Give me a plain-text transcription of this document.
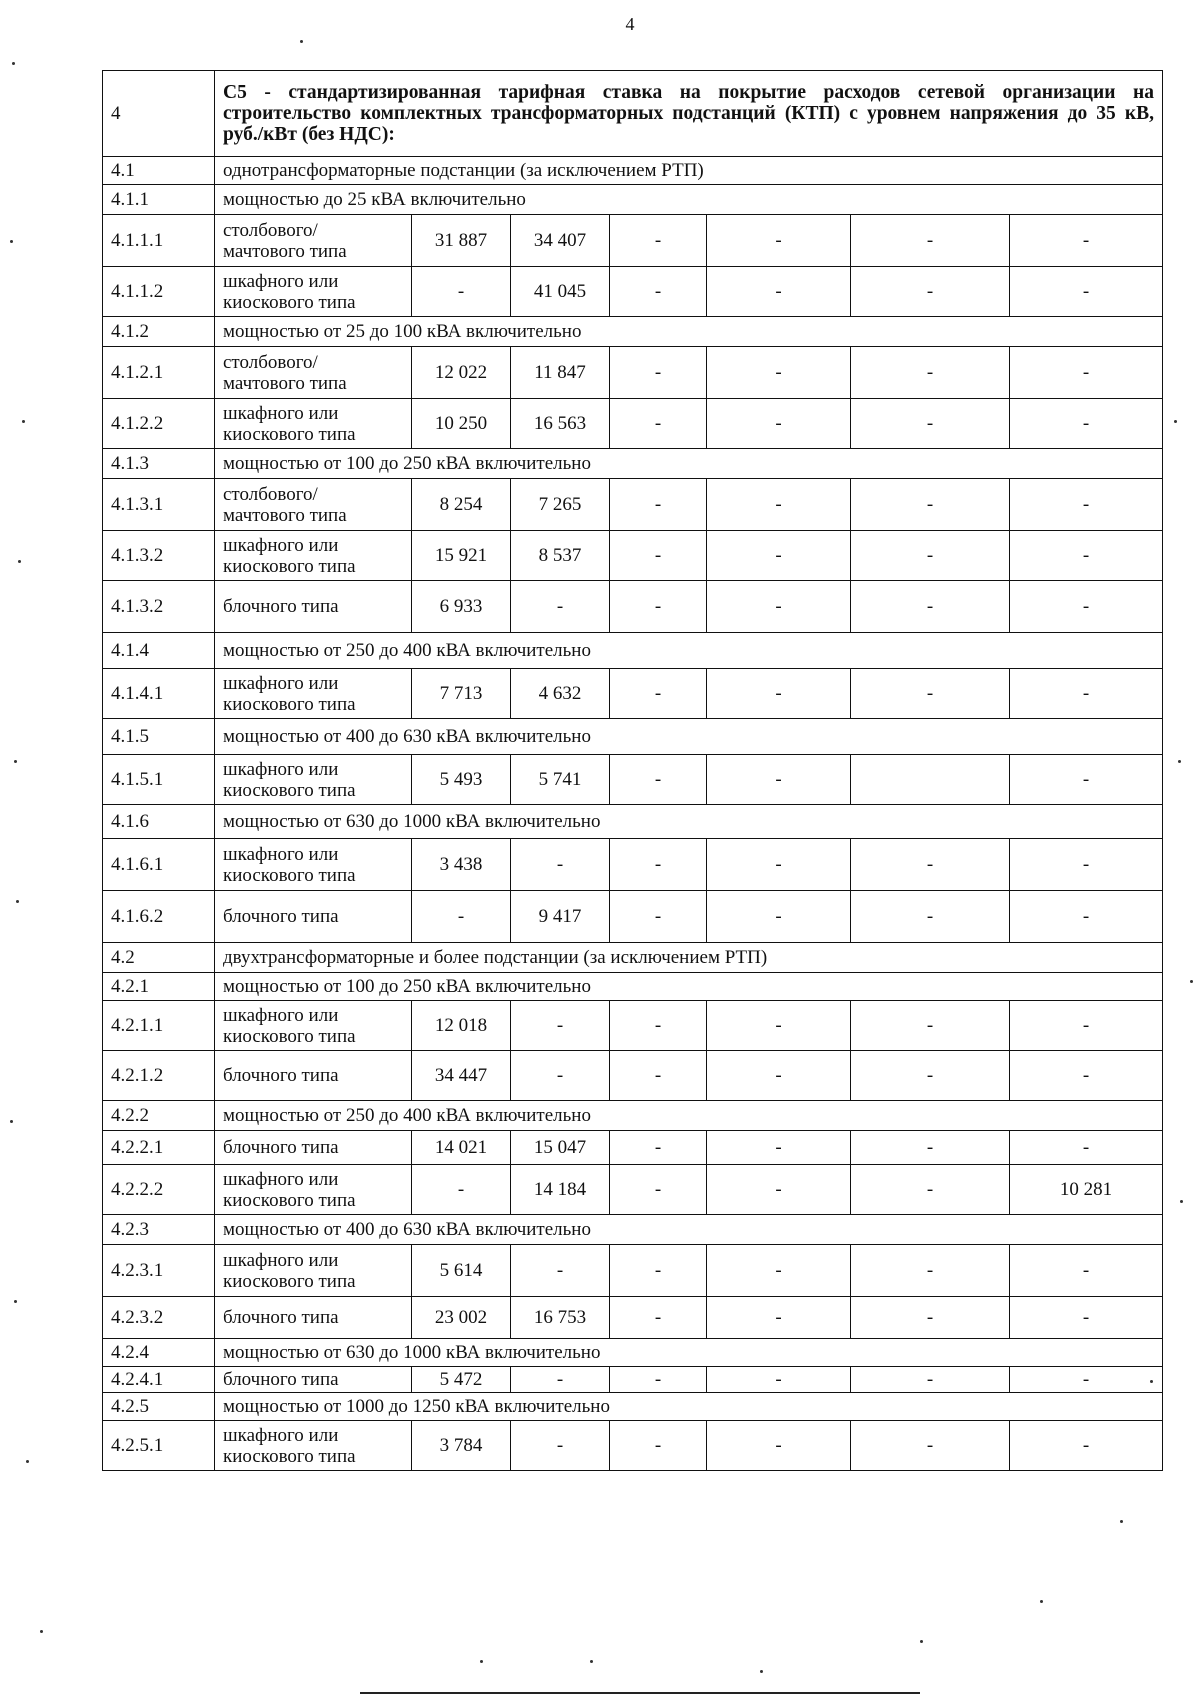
4
4	С5 - стандартизированная тарифная ставка на покрытие расходов сетевой организации на строительство комплектных трансформаторных подстанций (КТП) с уровнем напряжения до 35 кВ, руб./кВт (без НДС):						
4.1	однотрансформаторные подстанции (за исключением РТП)						
4.1.1	мощностью до 25 кВА включительно						
4.1.1.1	столбового/ мачтового типа	31 887	34 407	-	-	-	-
4.1.1.2	шкафного или киоскового типа	-	41 045	-	-	-	-
4.1.2	мощностью от 25 до 100 кВА включительно						
4.1.2.1	столбового/ мачтового типа	12 022	11 847	-	-	-	-
4.1.2.2	шкафного или киоскового типа	10 250	16 563	-	-	-	-
4.1.3	мощностью от 100 до 250 кВА включительно						
4.1.3.1	столбового/ мачтового типа	8 254	7 265	-	-	-	-
4.1.3.2	шкафного или киоскового типа	15 921	8 537	-	-	-	-
4.1.3.2	блочного типа	6 933	-	-	-	-	-
4.1.4	мощностью от 250 до 400 кВА включительно						
4.1.4.1	шкафного или киоскового типа	7 713	4 632	-	-	-	-
4.1.5	мощностью от 400 до 630 кВА включительно						
4.1.5.1	шкафного или киоскового типа	5 493	5 741	-	-		-
4.1.6	мощностью от 630 до 1000 кВА включительно						
4.1.6.1	шкафного или киоскового типа	3 438	-	-	-	-	-
4.1.6.2	блочного типа	-	9 417	-	-	-	-
4.2	двухтрансформаторные и более подстанции (за исключением РТП)						
4.2.1	мощностью от 100 до 250 кВА включительно						
4.2.1.1	шкафного или киоскового типа	12 018	-	-	-	-	-
4.2.1.2	блочного типа	34 447	-	-	-	-	-
4.2.2	мощностью от 250 до 400 кВА включительно						
4.2.2.1	блочного типа	14 021	15 047	-	-	-	-
4.2.2.2	шкафного или киоскового типа	-	14 184	-	-	-	10 281
4.2.3	мощностью от 400 до 630 кВА включительно						
4.2.3.1	шкафного или киоскового типа	5 614	-	-	-	-	-
4.2.3.2	блочного типа	23 002	16 753	-	-	-	-
4.2.4	мощностью от 630 до 1000 кВА включительно						
4.2.4.1	блочного типа	5 472	-	-	-	-	-
4.2.5	мощностью от 1000 до 1250 кВА включительно						
4.2.5.1	шкафного или киоскового типа	3 784	-	-	-	-	-
